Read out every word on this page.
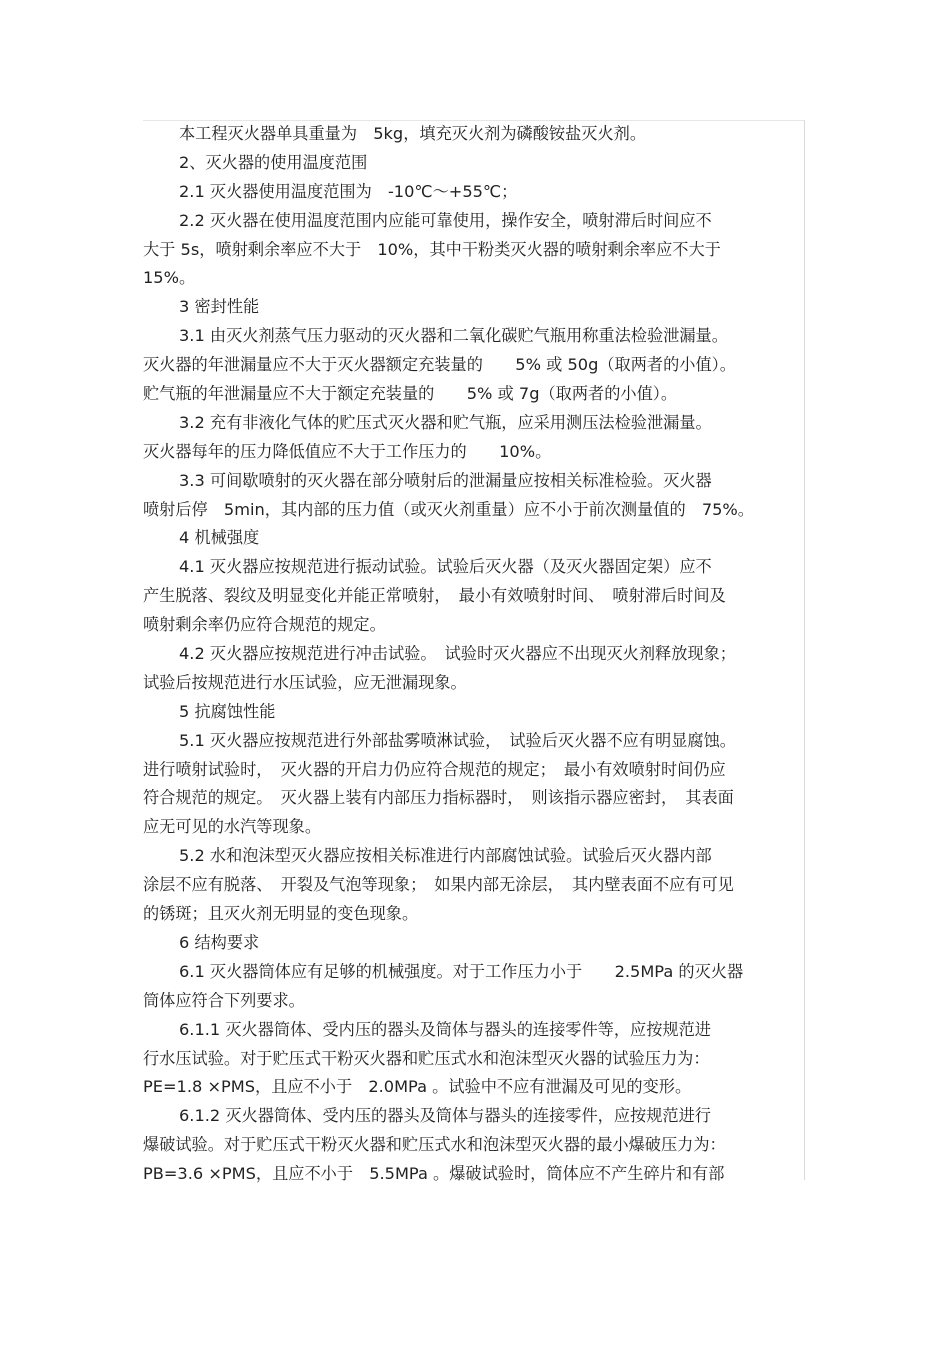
本工程灭火器单具重量为　5kg，填充灭火剂为磷酸铵盐灭火剂。
2、灭火器的使用温度范围
2.1 灭火器使用温度范围为　-10℃～+55℃；
2.2 灭火器在使用温度范围内应能可靠使用，操作安全，喷射滞后时间应不
大于 5s，喷射剩余率应不大于　10%，其中干粉类灭火器的喷射剩余率应不大于
15%。
3 密封性能
3.1 由灭火剂蒸气压力驱动的灭火器和二氧化碳贮气瓶用称重法检验泄漏量。
灭火器的年泄漏量应不大于灭火器额定充装量的　　5% 或 50g（取两者的小值）。
贮气瓶的年泄漏量应不大于额定充装量的　　5% 或 7g（取两者的小值）。
3.2 充有非液化气体的贮压式灭火器和贮气瓶，应采用测压法检验泄漏量。
灭火器每年的压力降低值应不大于工作压力的　　10%。
3.3 可间歇喷射的灭火器在部分喷射后的泄漏量应按相关标准检验。灭火器
喷射后停　5min，其内部的压力值（或灭火剂重量）应不小于前次测量值的　75%。
4 机械强度
4.1 灭火器应按规范进行振动试验。试验后灭火器（及灭火器固定架）应不
产生脱落、裂纹及明显变化并能正常喷射，　最小有效喷射时间、　喷射滞后时间及
喷射剩余率仍应符合规范的规定。
4.2 灭火器应按规范进行冲击试验。　试验时灭火器应不出现灭火剂释放现象；
试验后按规范进行水压试验，应无泄漏现象。
5 抗腐蚀性能
5.1 灭火器应按规范进行外部盐雾喷淋试验，　试验后灭火器不应有明显腐蚀。
进行喷射试验时，　灭火器的开启力仍应符合规范的规定；　最小有效喷射时间仍应
符合规范的规定。　灭火器上装有内部压力指标器时，　则该指示器应密封，　其表面
应无可见的水汽等现象。
5.2 水和泡沫型灭火器应按相关标准进行内部腐蚀试验。试验后灭火器内部
涂层不应有脱落、　开裂及气泡等现象；　如果内部无涂层，　其内壁表面不应有可见
的锈斑；且灭火剂无明显的变色现象。
6 结构要求
6.1 灭火器筒体应有足够的机械强度。对于工作压力小于　　2.5MPa 的灭火器
筒体应符合下列要求。
6.1.1 灭火器筒体、受内压的器头及筒体与器头的连接零件等，应按规范进
行水压试验。对于贮压式干粉灭火器和贮压式水和泡沫型灭火器的试验压力为：
PE=1.8 ×PMS，且应不小于　2.0MPa 。试验中不应有泄漏及可见的变形。
6.1.2 灭火器筒体、受内压的器头及筒体与器头的连接零件，应按规范进行
爆破试验。对于贮压式干粉灭火器和贮压式水和泡沫型灭火器的最小爆破压力为：
PB=3.6 ×PMS，且应不小于　5.5MPa 。爆破试验时，筒体应不产生碎片和有部
